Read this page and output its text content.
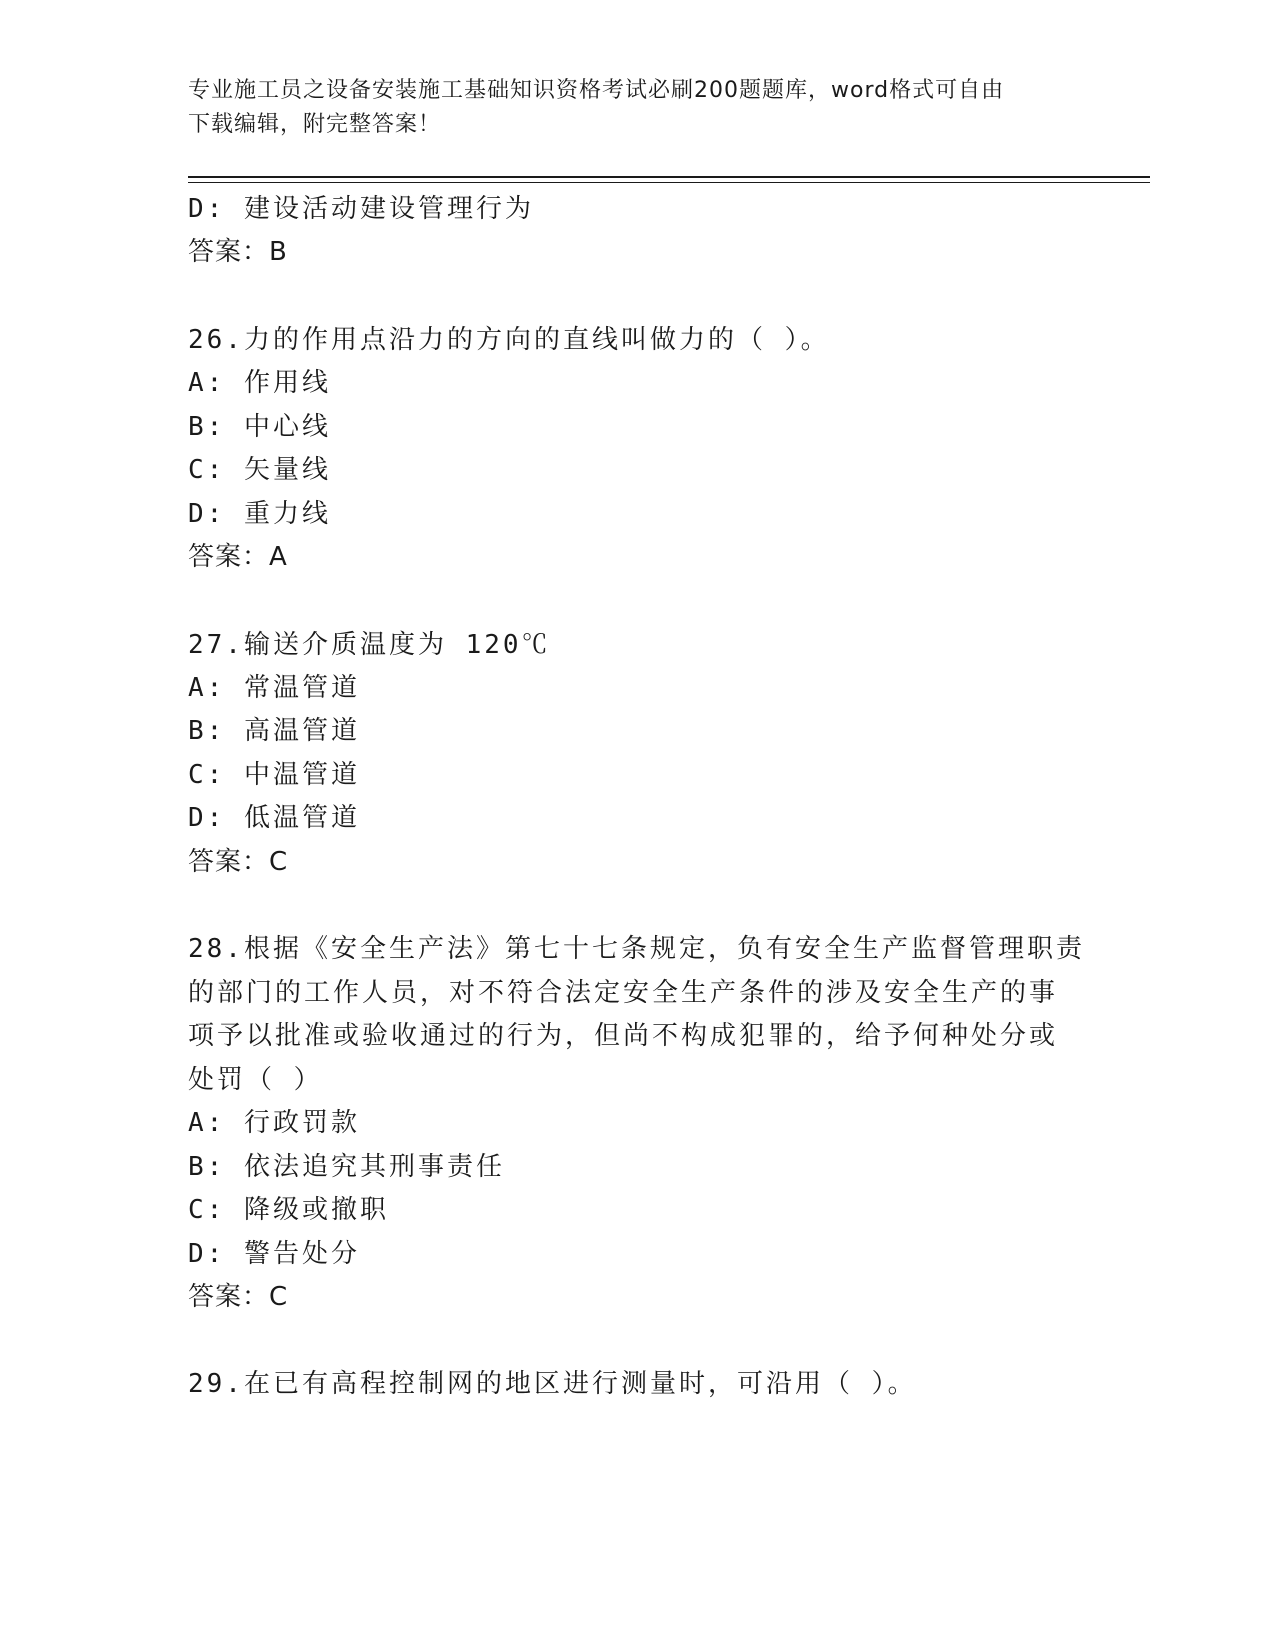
专业施工员之设备安装施工基础知识资格考试必刷200题题库，word格式可自由
下载编辑，附完整答案！
D: 建设活动建设管理行为
答案：B
26.力的作用点沿力的方向的直线叫做力的（ ）。
A: 作用线
B: 中心线
C: 矢量线
D: 重力线
答案：A
27.输送介质温度为 120℃
A: 常温管道
B: 高温管道
C: 中温管道
D: 低温管道
答案：C
28.根据《安全生产法》第七十七条规定，负有安全生产监督管理职责
的部门的工作人员，对不符合法定安全生产条件的涉及安全生产的事
项予以批准或验收通过的行为，但尚不构成犯罪的，给予何种处分或
处罚（ ）
A: 行政罚款
B: 依法追究其刑事责任
C: 降级或撤职
D: 警告处分
答案：C
29.在已有高程控制网的地区进行测量时，可沿用（ ）。
